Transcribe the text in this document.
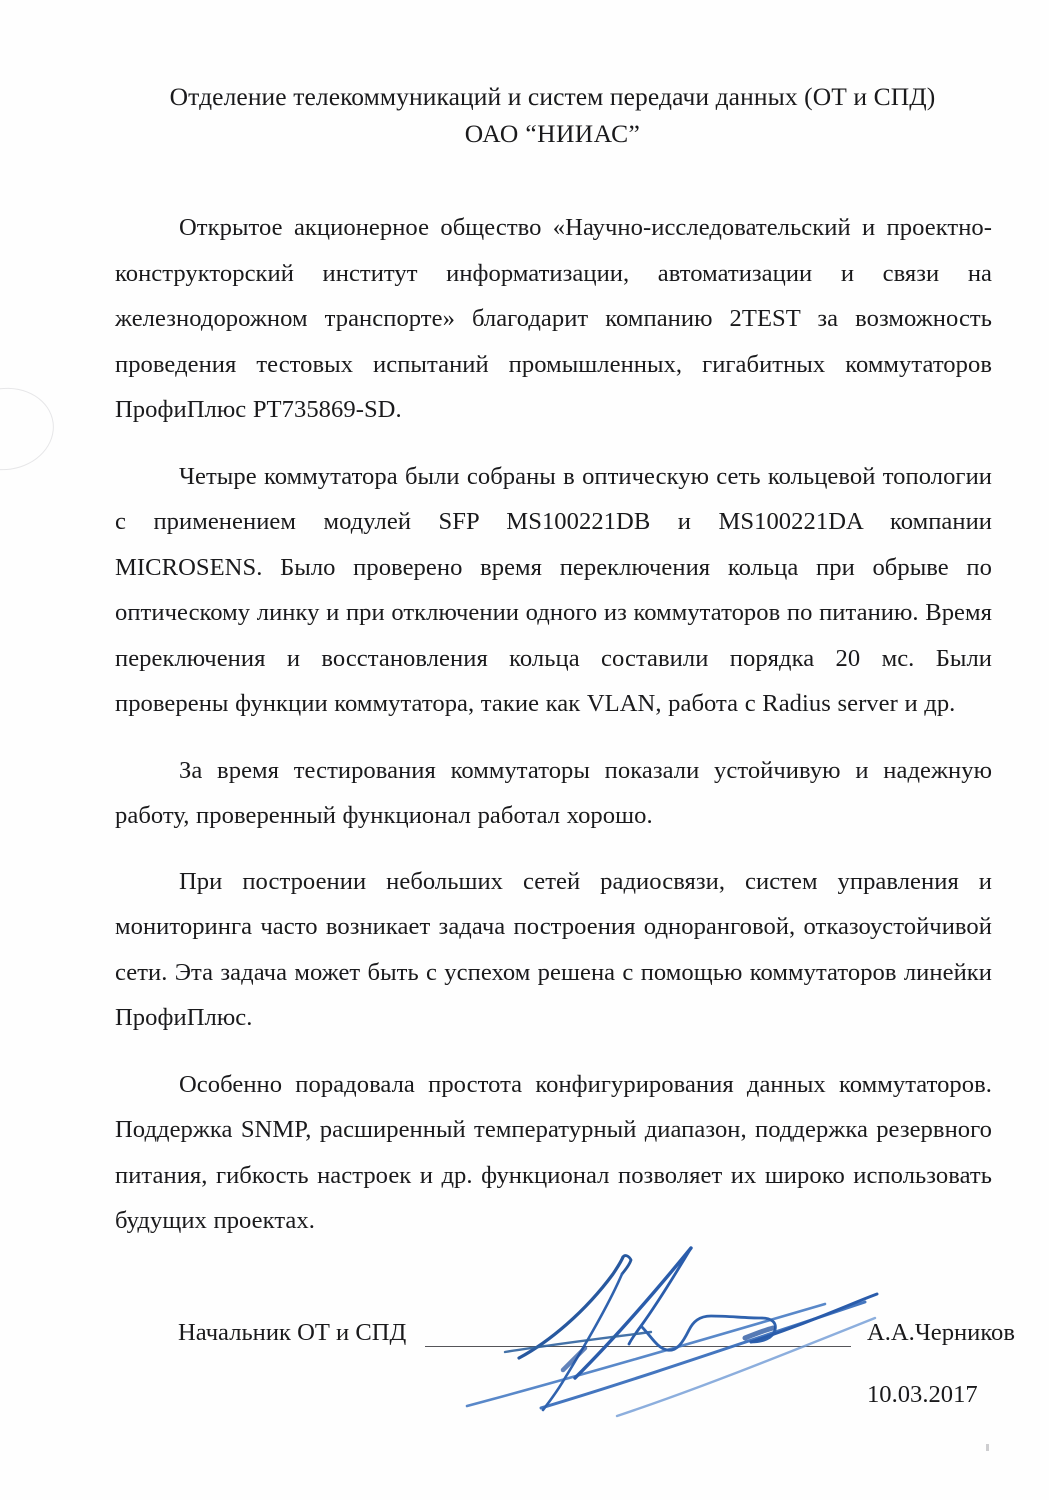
Отделение телекоммуникаций и систем передачи данных (ОТ и СПД)
ОАО “НИИАС”

Открытое акционерное общество «Научно-исследовательский и проектно-конструкторский институт информатизации, автоматизации и связи на железнодорожном транспорте» благодарит компанию 2TEST за возможность проведения тестовых испытаний промышленных, гигабитных коммутаторов ПрофиПлюс PT735869-SD.

Четыре коммутатора были собраны в оптическую сеть кольцевой топологии с применением модулей SFP MS100221DB и MS100221DA компании MICROSENS. Было проверено время переключения кольца при обрыве по оптическому линку и при отключении одного из коммутаторов по питанию. Время переключения и восстановления кольца составили порядка 20 мс. Были проверены функции коммутатора, такие как VLAN, работа с Radius server и др.

За время тестирования коммутаторы показали устойчивую и надежную работу, проверенный функционал работал хорошо.

При построении небольших сетей радиосвязи, систем управления и мониторинга часто возникает задача построения одноранговой, отказоустойчивой сети. Эта задача может быть с успехом решена с помощью коммутаторов линейки ПрофиПлюс.

Особенно порадовала простота конфигурирования данных коммутаторов. Поддержка SNMP, расширенный температурный диапазон, поддержка резервного питания, гибкость настроек и др. функционал позволяет их широко использовать будущих проектах.

Начальник ОТ и СПД	А.А.Черников
10.03.2017
